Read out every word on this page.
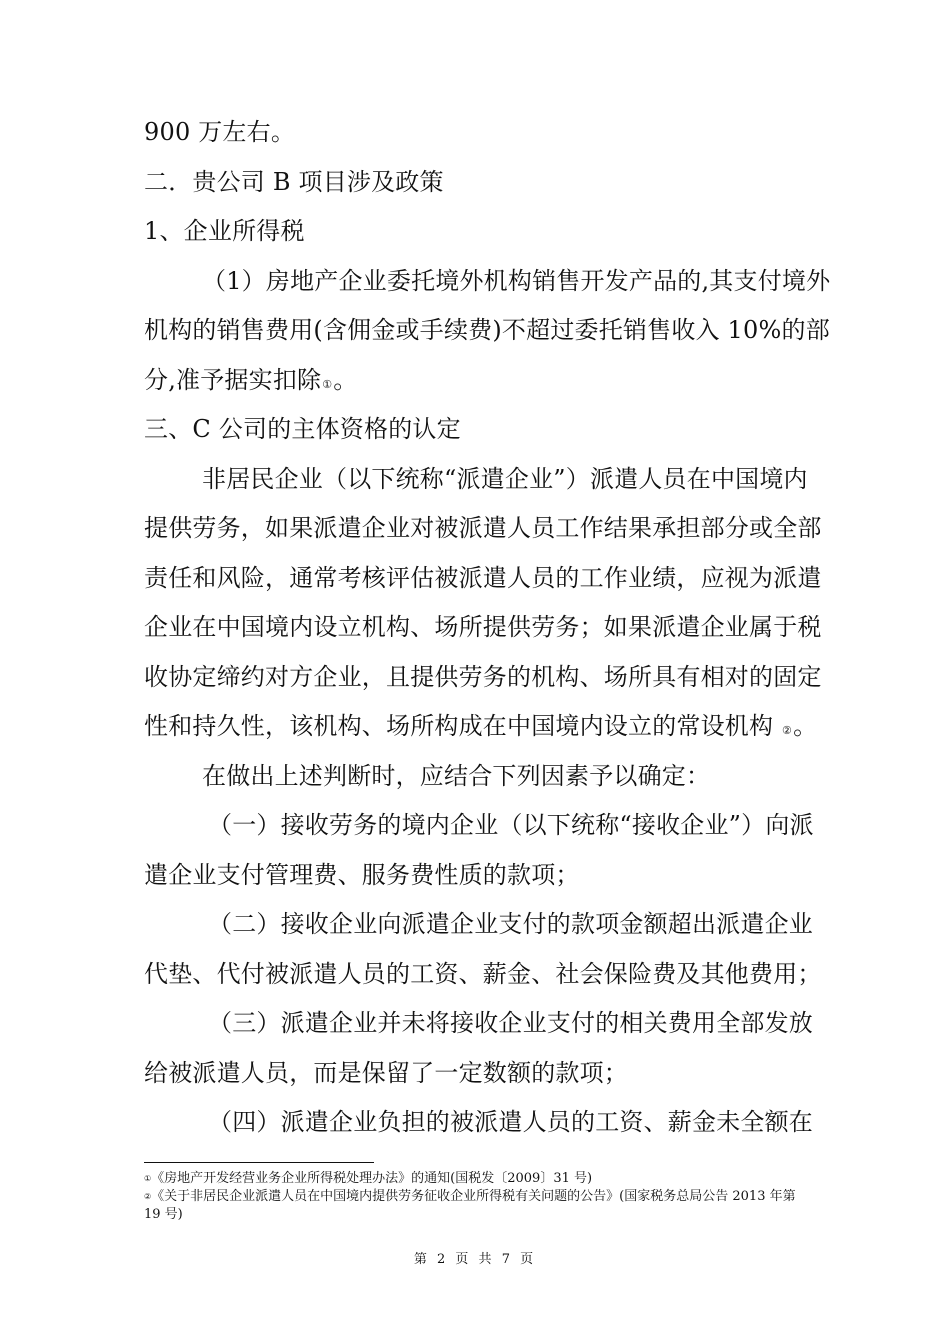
900 万左右。
二．贵公司 B 项目涉及政策
1、企业所得税
（1）房地产企业委托境外机构销售开发产品的,其支付境外
机构的销售费用(含佣金或手续费)不超过委托销售收入 10%的部
分,准予据实扣除①。
三、C 公司的主体资格的认定
非居民企业（以下统称“派遣企业”）派遣人员在中国境内
提供劳务，如果派遣企业对被派遣人员工作结果承担部分或全部
责任和风险，通常考核评估被派遣人员的工作业绩，应视为派遣
企业在中国境内设立机构、场所提供劳务；如果派遣企业属于税
收协定缔约对方企业，且提供劳务的机构、场所具有相对的固定
性和持久性，该机构、场所构成在中国境内设立的常设机构 ②。
在做出上述判断时，应结合下列因素予以确定：
（一）接收劳务的境内企业（以下统称“接收企业”）向派
遣企业支付管理费、服务费性质的款项；
（二）接收企业向派遣企业支付的款项金额超出派遣企业
代垫、代付被派遣人员的工资、薪金、社会保险费及其他费用；
（三）派遣企业并未将接收企业支付的相关费用全部发放
给被派遣人员，而是保留了一定数额的款项；
（四）派遣企业负担的被派遣人员的工资、薪金未全额在
①《房地产开发经营业务企业所得税处理办法》的通知(国税发〔2009〕31 号)
②《关于非居民企业派遣人员在中国境内提供劳务征收企业所得税有关问题的公告》(国家税务总局公告 2013 年第 19 号)
第 2 页 共 7 页
